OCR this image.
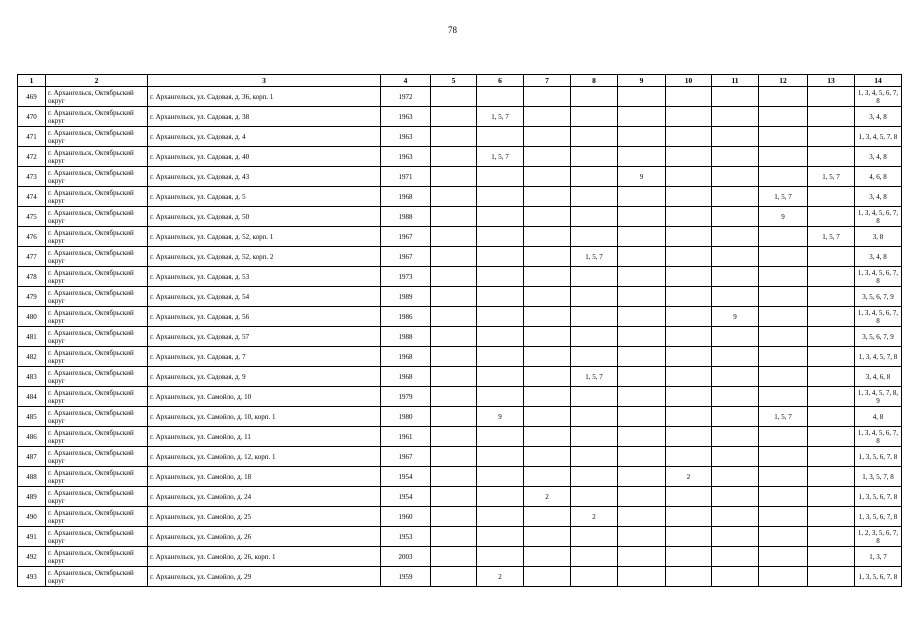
78
1	2	3	4	5	6	7	8	9	10	11	12	13	14
469	г. Архангельск, Октябрьский округ	г. Архангельск, ул. Садовая, д. 36, корп. 1	1972										1, 3, 4, 5, 6, 7, 8
470	г. Архангельск, Октябрьский округ	г. Архангельск, ул. Садовая, д. 38	1963		1, 5, 7								3, 4, 8
471	г. Архангельск, Октябрьский округ	г. Архангельск, ул. Садовая, д. 4	1963										1, 3, 4, 5, 7, 8
472	г. Архангельск, Октябрьский округ	г. Архангельск, ул. Садовая, д. 40	1963		1, 5, 7								3, 4, 8
473	г. Архангельск, Октябрьский округ	г. Архангельск, ул. Садовая, д. 43	1971					9				1, 5, 7	4, 6, 8
474	г. Архангельск, Октябрьский округ	г. Архангельск, ул. Садовая, д. 5	1968								1, 5, 7		3, 4, 8
475	г. Архангельск, Октябрьский округ	г. Архангельск, ул. Садовая, д. 50	1988								9		1, 3, 4, 5, 6, 7, 8
476	г. Архангельск, Октябрьский округ	г. Архангельск, ул. Садовая, д. 52, корп. 1	1967									1, 5, 7	3, 8
477	г. Архангельск, Октябрьский округ	г. Архангельск, ул. Садовая, д. 52, корп. 2	1967				1, 5, 7						3, 4, 8
478	г. Архангельск, Октябрьский округ	г. Архангельск, ул. Садовая, д. 53	1973										1, 3, 4, 5, 6, 7, 8
479	г. Архангельск, Октябрьский округ	г. Архангельск, ул. Садовая, д. 54	1989										3, 5, 6, 7, 9
480	г. Архангельск, Октябрьский округ	г. Архангельск, ул. Садовая, д. 56	1986							9			1, 3, 4, 5, 6, 7, 8
481	г. Архангельск, Октябрьский округ	г. Архангельск, ул. Садовая, д. 57	1988										3, 5, 6, 7, 9
482	г. Архангельск, Октябрьский округ	г. Архангельск, ул. Садовая, д. 7	1968										1, 3, 4, 5, 7, 8
483	г. Архангельск, Октябрьский округ	г. Архангельск, ул. Садовая, д. 9	1968				1, 5, 7						3, 4, 6, 8
484	г. Архангельск, Октябрьский округ	г. Архангельск, ул. Самойло, д. 10	1979										1, 3, 4, 5, 7, 8, 9
485	г. Архангельск, Октябрьский округ	г. Архангельск, ул. Самойло, д. 10, корп. 1	1980		9						1, 5, 7		4, 8
486	г. Архангельск, Октябрьский округ	г. Архангельск, ул. Самойло, д. 11	1961										1, 3, 4, 5, 6, 7, 8
487	г. Архангельск, Октябрьский округ	г. Архангельск, ул. Самойло, д. 12, корп. 1	1967										1, 3, 5, 6, 7, 8
488	г. Архангельск, Октябрьский округ	г. Архангельск, ул. Самойло, д. 18	1954						2				1, 3, 5, 7, 8
489	г. Архангельск, Октябрьский округ	г. Архангельск, ул. Самойло, д. 24	1954			2							1, 3, 5, 6, 7, 8
490	г. Архангельск, Октябрьский округ	г. Архангельск, ул. Самойло, д. 25	1960				2						1, 3, 5, 6, 7, 8
491	г. Архангельск, Октябрьский округ	г. Архангельск, ул. Самойло, д. 26	1953										1, 2, 3, 5, 6, 7, 8
492	г. Архангельск, Октябрьский округ	г. Архангельск, ул. Самойло, д. 26, корп. 1	2003										1, 3, 7
493	г. Архангельск, Октябрьский округ	г. Архангельск, ул. Самойло, д. 29	1959		2								1, 3, 5, 6, 7, 8
